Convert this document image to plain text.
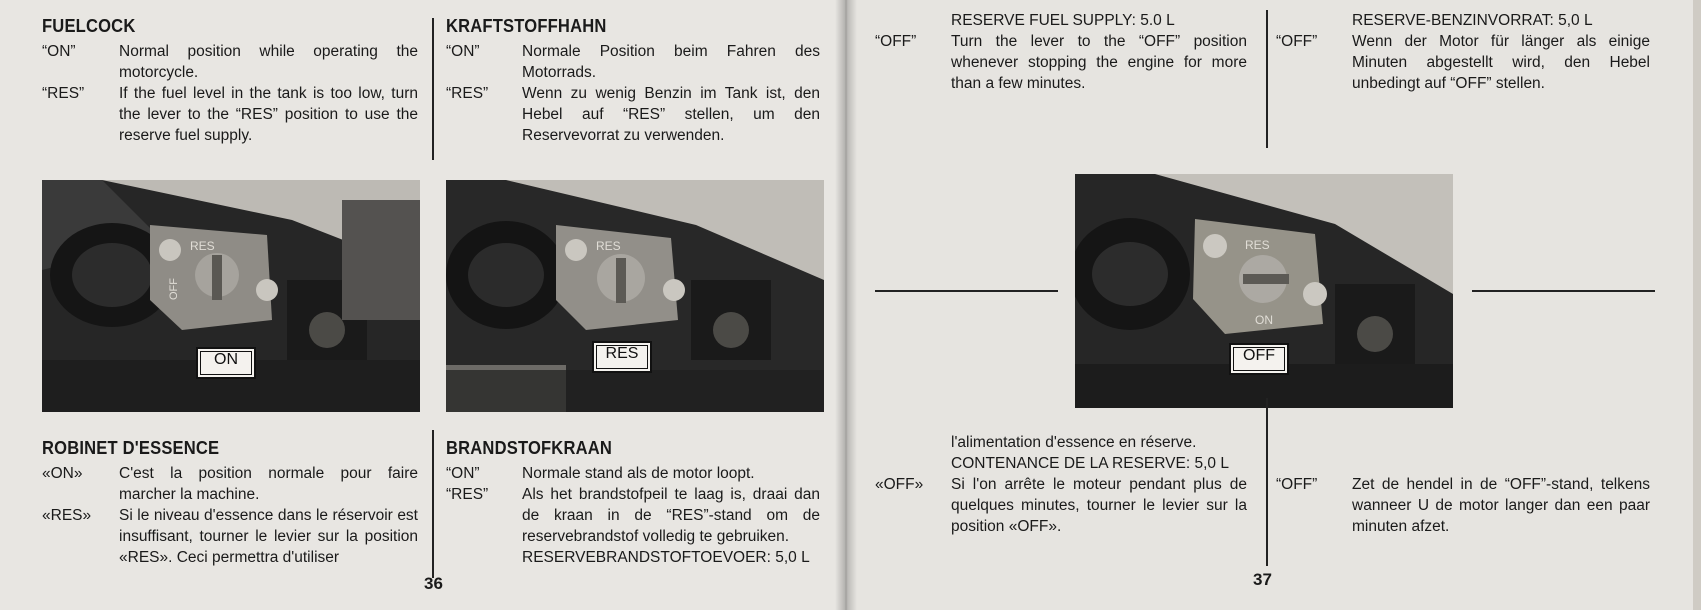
FUELCOCK
“ON”	Normal position while operating the motorcycle.
“RES”	If the fuel level in the tank is too low, turn the lever to the “RES” position to use the reserve fuel supply.
KRAFTSTOFFHAHN
“ON”	Normale Position beim Fahren des Motorrads.
“RES”	Wenn zu wenig Benzin im Tank ist, den Hebel auf “RES” stellen, um den Reservevorrat zu verwenden.
RES
OFF
ON
RES
RES
ROBINET D'ESSENCE
«ON»	C'est la position normale pour faire marcher la machine.
«RES»	Si le niveau d'essence dans le réservoir est insuffisant, tourner le levier sur la position «RES». Ceci permettra d'utiliser
BRANDSTOFKRAAN
“ON”	Normale stand als de motor loopt.
“RES”	Als het brandstofpeil te laag is, draai dan de kraan in de “RES”-stand om de reservebrandstof volledig te gebruiken.
RESERVEBRANDSTOFTOEVOER: 5,0 L
36
RESERVE FUEL SUPPLY: 5.0 L
“OFF”	Turn the lever to the “OFF” position whenever stopping the engine for more than a few minutes.
RESERVE-BENZINVORRAT: 5,0 L
“OFF”	Wenn der Motor für länger als einige Minuten abgestellt wird, den Hebel unbedingt auf “OFF” stellen.
RES
ON
OFF
l'alimentation d'essence en réserve.
CONTENANCE DE LA RESERVE: 5,0 L
«OFF»	Si l'on arrête le moteur pendant plus de quelques minutes, tourner le levier sur la position «OFF».
“OFF”	Zet de hendel in de “OFF”-stand, telkens wanneer U de motor langer dan een paar minuten afzet.
37
